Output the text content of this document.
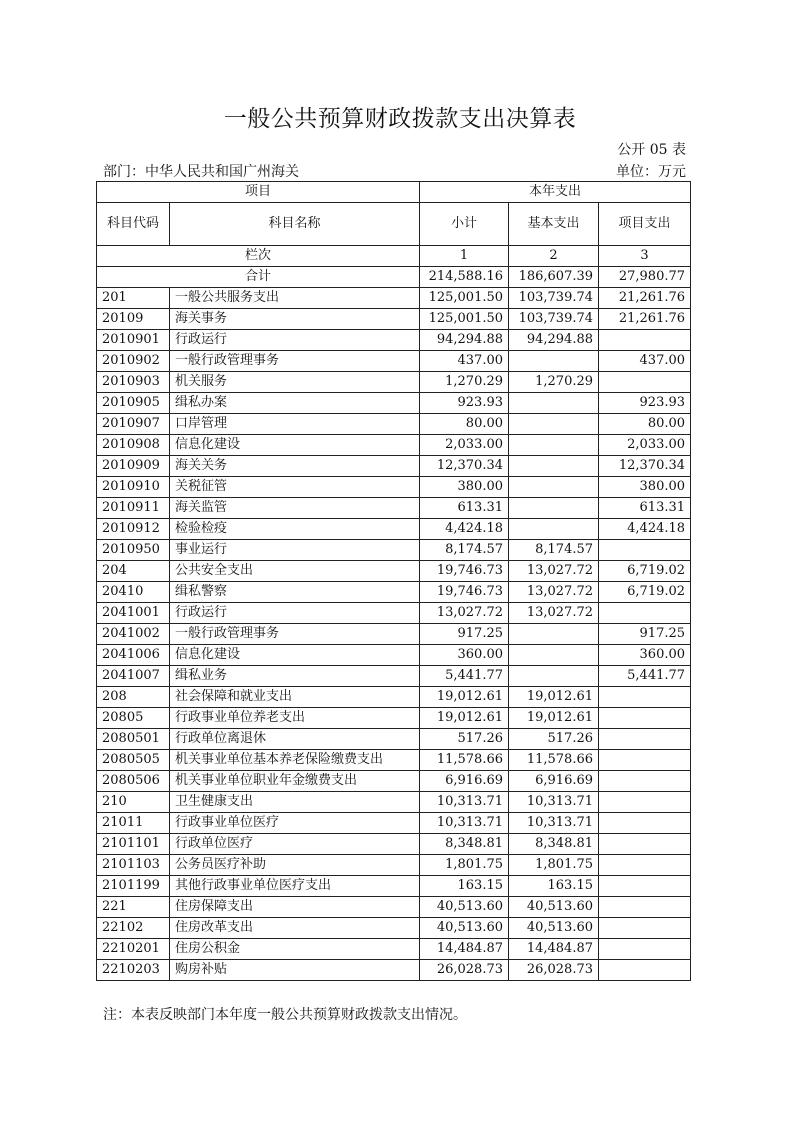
一般公共预算财政拨款支出决算表
公开 05 表
部门：中华人民共和国广州海关	单位：万元
项目		本年支出		
科目代码	科目名称	小计	基本支出	项目支出
栏次		1	2	3
合计		214,588.16	186,607.39	27,980.77
201	一般公共服务支出	125,001.50	103,739.74	21,261.76
20109	海关事务	125,001.50	103,739.74	21,261.76
2010901	行政运行	94,294.88	94,294.88	
2010902	一般行政管理事务	437.00		437.00
2010903	机关服务	1,270.29	1,270.29	
2010905	缉私办案	923.93		923.93
2010907	口岸管理	80.00		80.00
2010908	信息化建设	2,033.00		2,033.00
2010909	海关关务	12,370.34		12,370.34
2010910	关税征管	380.00		380.00
2010911	海关监管	613.31		613.31
2010912	检验检疫	4,424.18		4,424.18
2010950	事业运行	8,174.57	8,174.57	
204	公共安全支出	19,746.73	13,027.72	6,719.02
20410	缉私警察	19,746.73	13,027.72	6,719.02
2041001	行政运行	13,027.72	13,027.72	
2041002	一般行政管理事务	917.25		917.25
2041006	信息化建设	360.00		360.00
2041007	缉私业务	5,441.77		5,441.77
208	社会保障和就业支出	19,012.61	19,012.61	
20805	行政事业单位养老支出	19,012.61	19,012.61	
2080501	行政单位离退休	517.26	517.26	
2080505	机关事业单位基本养老保险缴费支出	11,578.66	11,578.66	
2080506	机关事业单位职业年金缴费支出	6,916.69	6,916.69	
210	卫生健康支出	10,313.71	10,313.71	
21011	行政事业单位医疗	10,313.71	10,313.71	
2101101	行政单位医疗	8,348.81	8,348.81	
2101103	公务员医疗补助	1,801.75	1,801.75	
2101199	其他行政事业单位医疗支出	163.15	163.15	
221	住房保障支出	40,513.60	40,513.60	
22102	住房改革支出	40,513.60	40,513.60	
2210201	住房公积金	14,484.87	14,484.87	
2210203	购房补贴	26,028.73	26,028.73	
注：本表反映部门本年度一般公共预算财政拨款支出情况。
